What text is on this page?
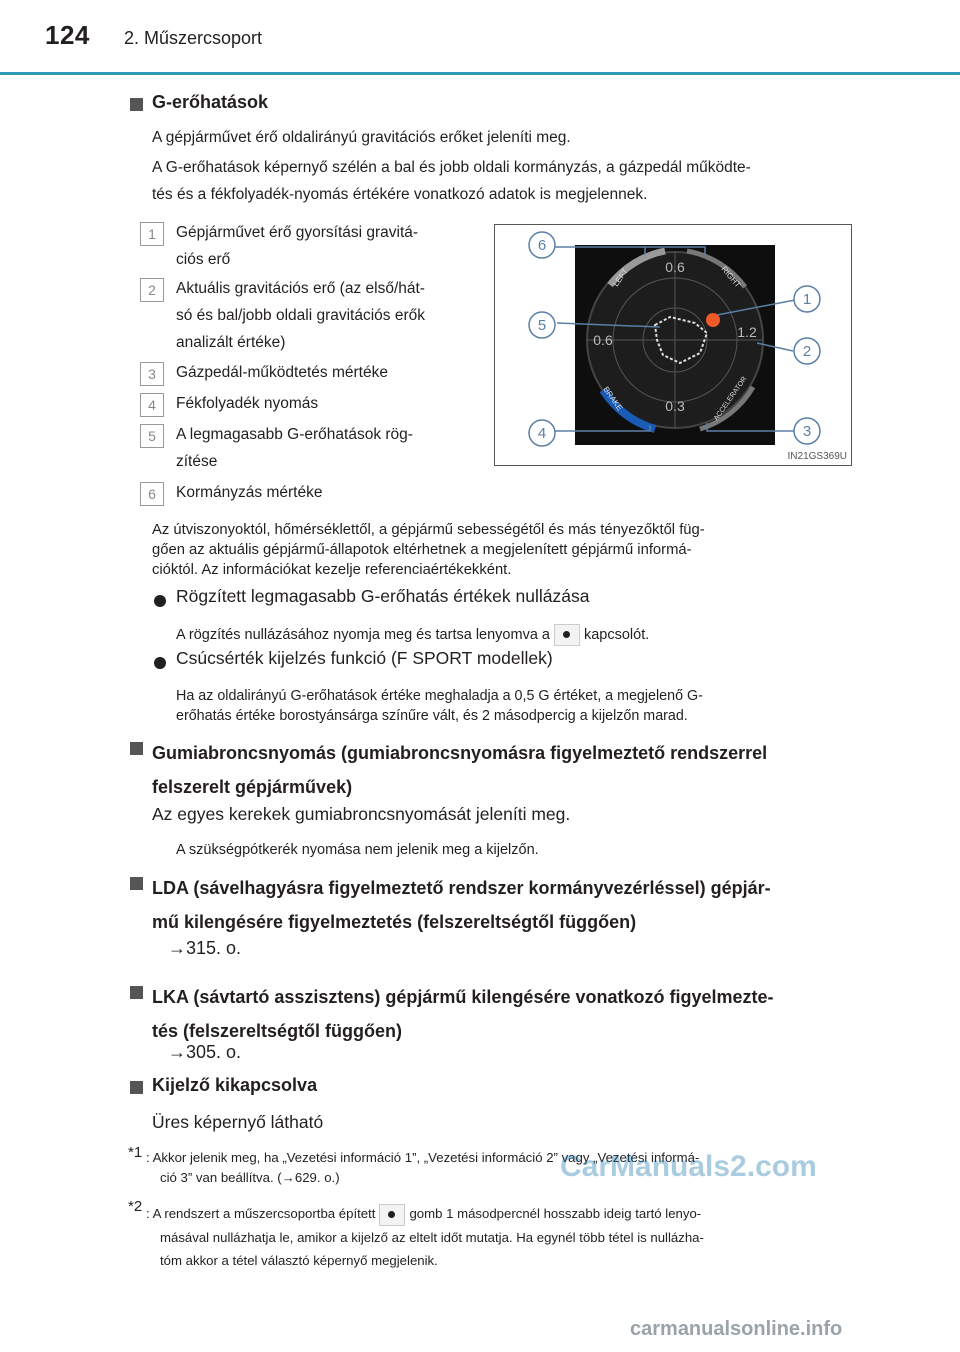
124 2. Műszercsoport
G-erőhatások
A gépjárművet érő oldalirányú gravitációs erőket jeleníti meg.
A G-erőhatások képernyő szélén a bal és jobb oldali kormányzás, a gázpedál működte-
tés és a fékfolyadék-nyomás értékére vonatkozó adatok is megjelennek.
1	Gépjárművet érő gyorsítási gravitá-
ciós erő
2	Aktuális gravitációs erő (az első/hát-
só és bal/jobb oldali gravitációs erők
analizált értéke)
3	Gázpedál-működtetés mértéke
4	Fékfolyadék nyomás
5	A legmagasabb G-erőhatások rög-
zítése
6	Kormányzás mértéke
0.6
0.6	1.2
0.3
LEFT	RIGHT
BRAKE	ACCELERATOR
6
1
5
2
4	3
IN21GS369U
Az útviszonyoktól, hőmérséklettől, a gépjármű sebességétől és más tényezőktől füg-
gően az aktuális gépjármű-állapotok eltérhetnek a megjelenített gépjármű informá-
cióktól. Az információkat kezelje referenciaértékekként.
Rögzített legmagasabb G-erőhatás értékek nullázása
A rögzítés nullázásához nyomja meg és tartsa lenyomva a kapcsolót.
Csúcsérték kijelzés funkció (F SPORT modellek)
Ha az oldalirányú G-erőhatások értéke meghaladja a 0,5 G értéket, a megjelenő G-
erőhatás értéke borostyánsárga színűre vált, és 2 másodpercig a kijelzőn marad.
Gumiabroncsnyomás (gumiabroncsnyomásra figyelmeztető rendszerrel
felszerelt gépjárművek)
Az egyes kerekek gumiabroncsnyomását jeleníti meg.
A szükségpótkerék nyomása nem jelenik meg a kijelzőn.
LDA (sávelhagyásra figyelmeztető rendszer kormányvezérléssel) gépjár-
mű kilengésére figyelmeztetés (felszereltségtől függően)
→315. o.
LKA (sávtartó asszisztens) gépjármű kilengésére vonatkozó figyelmezte-
tés (felszereltségtől függően)
→305. o.
Kijelző kikapcsolva
Üres képernyő látható
*1 : Akkor jelenik meg, ha „Vezetési információ 1”, „Vezetési információ 2” vagy „Vezetési informá-
ció 3” van beállítva. (→629. o.)
*2 : A rendszert a műszercsoportba épített	gomb 1 másodpercnél hosszabb ideig tartó lenyo-
másával nullázhatja le, amikor a kijelző az eltelt időt mutatja. Ha egynél több tétel is nullázha-
tóm akkor a tétel választó képernyő megjelenik.
CarManuals2.com
carmanualsonline.info
